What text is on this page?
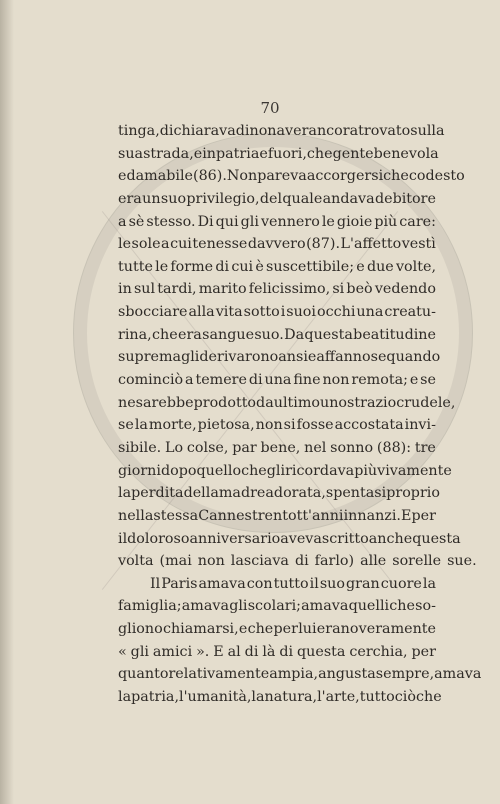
70
tinga, dichiarava di non aver ancora trovato sulla
sua strada, e in patria e fuori, che gente benevola
ed amabile (86). Non pareva accorgersi che codesto
era un suo privilegio, del quale andava debitore
a sè stesso. Di qui gli vennero le gioie più care:
le sole a cui tenesse davvero (87). L'affetto vestì
tutte le forme di cui è suscettibile; e due volte,
in sul tardi, marito felicissimo, si beò vedendo
sbocciare alla vita sotto i suoi occhi una creatu-
rina, che era sangue suo. Da questa beatitudine
suprema gli derivarono ansie affannose quando
cominciò a temere di una fine non remota; e se
ne sarebbe prodotto da ultimo uno strazio crudele,
se la morte, pietosa, non si fosse accostata invi-
sibile. Lo colse, par bene, nel sonno (88): tre
giorni dopo quello che gli ricordava più vivamente
la perdita della madre adorata, spentasi proprio
nella stessa Cannes trentott'anni innanzi. E per
il doloroso anniversario aveva scritto anche questa
volta (mai non lasciava di farlo) alle sorelle sue.
Il Paris amava con tutto il suo gran cuore la
famiglia; amava gli scolari; amava quelli che so-
gliono chiamarsi, e che per lui erano veramente
« gli amici ». E al di là di questa cerchia, per
quanto relativamente ampia, angusta sempre, amava
la patria, l'umanità, la natura, l'arte, tutto ciò che
